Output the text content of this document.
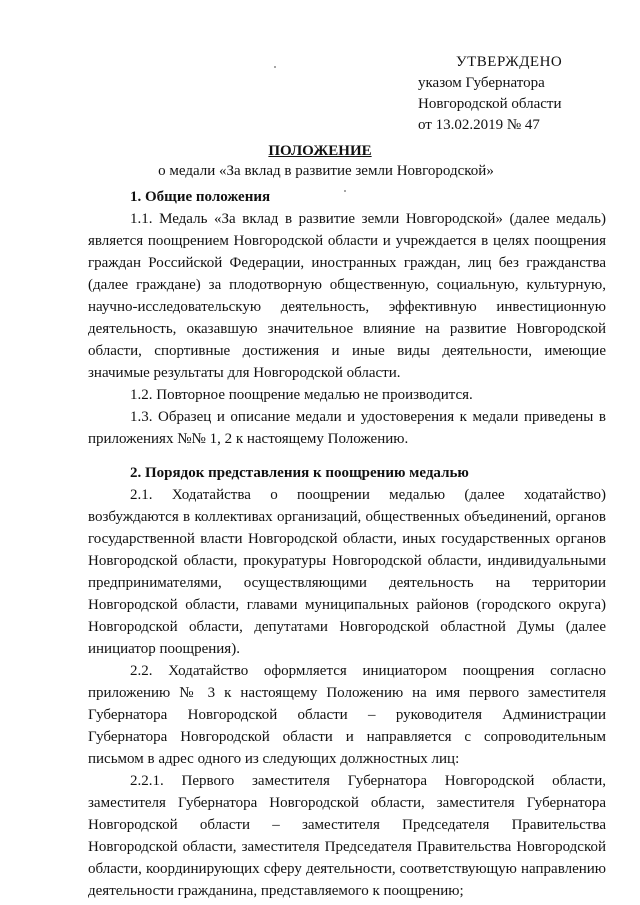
УТВЕРЖДЕНО
указом Губернатора
Новгородской области
от 13.02.2019 № 47
ПОЛОЖЕНИЕ
о медали «За вклад в развитие земли Новгородской»

1. Общие положения

1.1. Медаль «За вклад в развитие земли Новгородской» (далее медаль) является поощрением Новгородской области и учреждается в целях поощрения граждан Российской Федерации, иностранных граждан, лиц без гражданства (далее граждане) за плодотворную общественную, социальную, культурную, научно-исследовательскую деятельность, эффективную инвестиционную деятельность, оказавшую значительное влияние на развитие Новгородской области, спортивные достижения и иные виды деятельности, имеющие значимые результаты для Новгородской области.

1.2. Повторное поощрение медалью не производится.

1.3. Образец и описание медали и удостоверения к медали приведены в приложениях №№ 1, 2 к настоящему Положению.

2. Порядок представления к поощрению медалью

2.1. Ходатайства о поощрении медалью (далее ходатайство) возбуждаются в коллективах организаций, общественных объединений, органов государственной власти Новгородской области, иных государственных органов Новгородской области, прокуратуры Новгородской области, индивидуальными предпринимателями, осуществляющими деятельность на территории Новгородской области, главами муниципальных районов (городского округа) Новгородской области, депутатами Новгородской областной Думы (далее инициатор поощрения).

2.2. Ходатайство оформляется инициатором поощрения согласно приложению № 3 к настоящему Положению на имя первого заместителя Губернатора Новгородской области – руководителя Администрации Губернатора Новгородской области и направляется с сопроводительным письмом в адрес одного из следующих должностных лиц:

2.2.1. Первого заместителя Губернатора Новгородской области, заместителя Губернатора Новгородской области, заместителя Губернатора Новгородской области – заместителя Председателя Правительства Новгородской области, заместителя Председателя Правительства Новгородской области, координирующих сферу деятельности, соответствующую направлению деятельности гражданина, представляемого к поощрению;
